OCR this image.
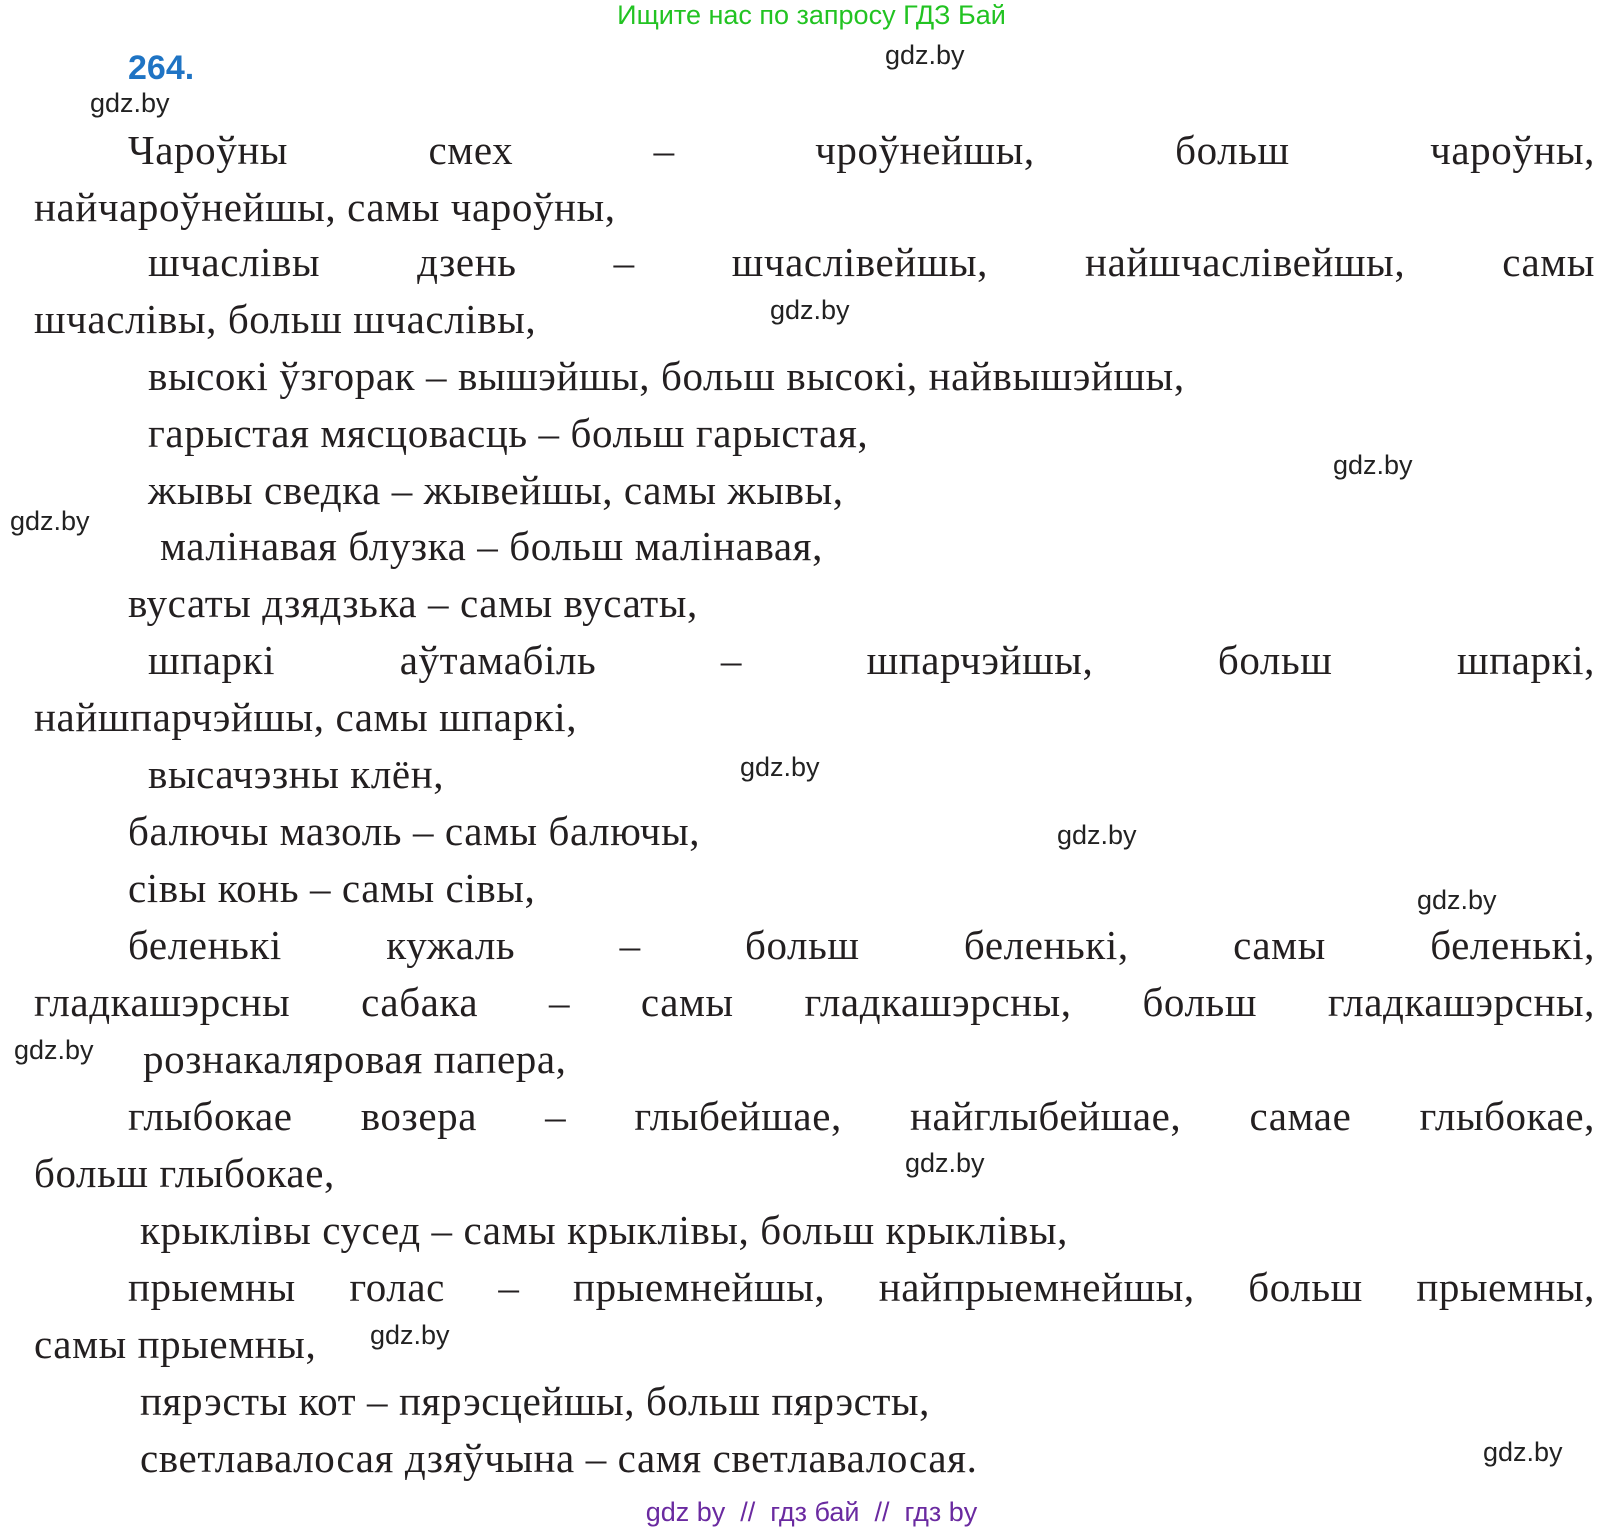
Ищите нас по запросу ГДЗ Бай
264.	gdz.by
gdz.by
gdz.by
gdz.by
gdz.by
gdz.by
gdz.by
gdz.by
gdz.by
gdz.by
gdz.by
gdz.by
Чароўны смех – чроўнейшы, больш чароўны,
найчароўнейшы, самы чароўны,
шчаслівы дзень – шчаслівейшы, найшчаслівейшы, самы
шчаслівы, больш шчаслівы,
высокі ўзгорак – вышэйшы, больш высокі, найвышэйшы,
гарыстая мясцовасць – больш гарыстая,
жывы сведка – жывейшы, самы жывы,
малінавая блузка – больш малінавая,
вусаты дзядзька – самы вусаты,
шпаркі аўтамабіль – шпарчэйшы, больш шпаркі,
найшпарчэйшы, самы шпаркі,
высачэзны клён,
балючы мазоль – самы балючы,
сівы конь – самы сівы,
беленькі кужаль – больш беленькі, самы беленькі,
гладкашэрсны сабака – самы гладкашэрсны, больш гладкашэрсны,
рознакаляровая папера,
глыбокае возера – глыбейшае, найглыбейшае, самае глыбокае,
больш глыбокае,
крыклівы сусед – самы крыклівы, больш крыклівы,
прыемны голас – прыемнейшы, найпрыемнейшы, больш прыемны,
самы прыемны,
пярэсты кот – пярэсцейшы, больш пярэсты,
светлавалосая дзяўчына – самя светлавалосая.
gdz by  //  гдз бай  //  гдз by
